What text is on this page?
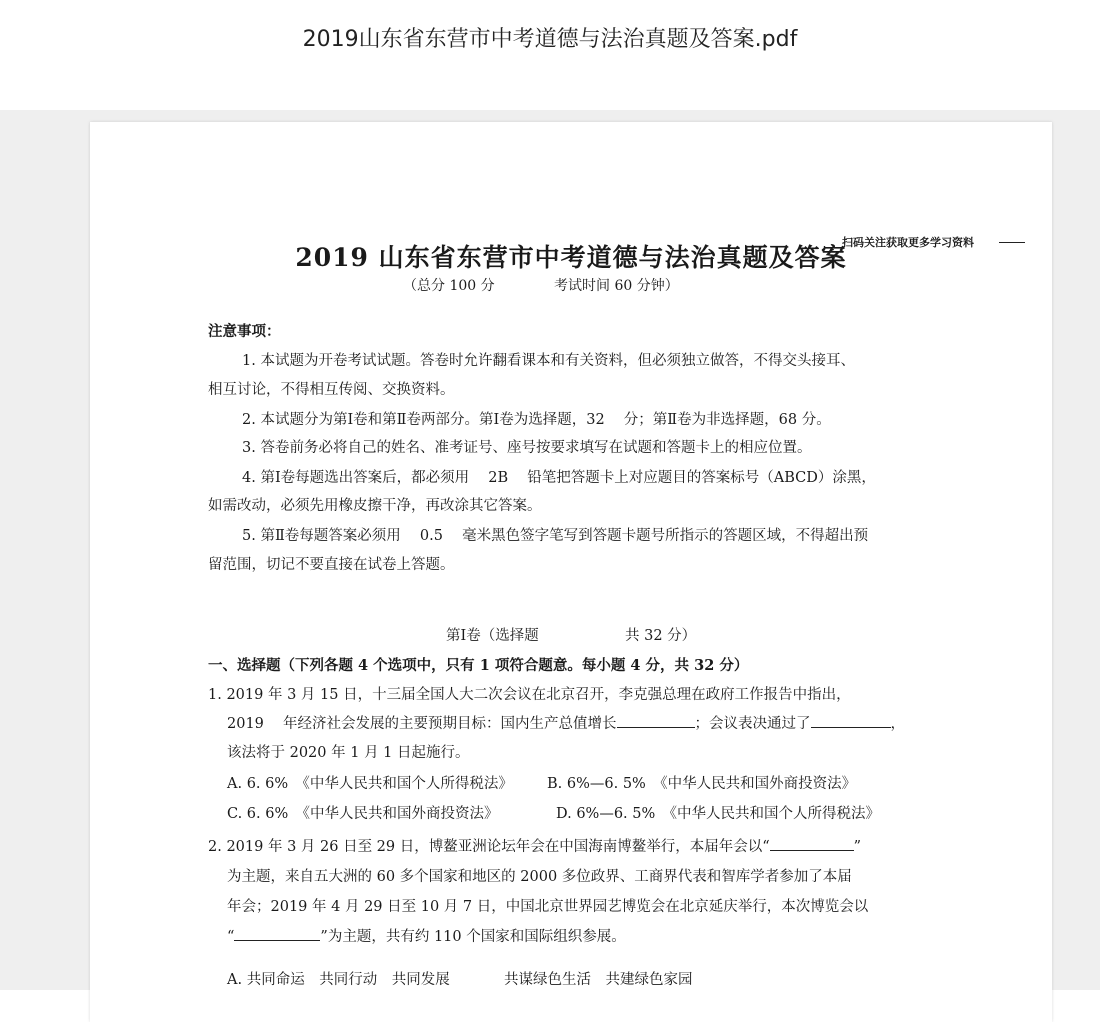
2019山东省东营市中考道德与法治真题及答案.pdf
2019 山东省东营市中考道德与法治真题及答案
扫码关注获取更多学习资料
（总分 100 分	考试时间 60 分钟）
注意事项：
1. 本试题为开卷考试试题。答卷时允许翻看课本和有关资料，但必须独立做答，不得交头接耳、
相互讨论，不得相互传阅、交换资料。
2. 本试题分为第Ⅰ卷和第Ⅱ卷两部分。第Ⅰ卷为选择题，32　 分；第Ⅱ卷为非选择题，68 分。
3. 答卷前务必将自己的姓名、准考证号、座号按要求填写在试题和答题卡上的相应位置。
4. 第Ⅰ卷每题选出答案后，都必须用　 2B　 铅笔把答题卡上对应题目的答案标号（ABCD）涂黑，
如需改动，必须先用橡皮擦干净，再改涂其它答案。
5. 第Ⅱ卷每题答案必须用　 0.5　 毫米黑色签字笔写到答题卡题号所指示的答题区域，不得超出预
留范围，切记不要直接在试卷上答题。
第Ⅰ卷（选择题	共 32 分）
一、选择题（下列各题 4 个选项中，只有 1 项符合题意。每小题 4 分，共 32 分）
1. 2019 年 3 月 15 日，十三届全国人大二次会议在北京召开，李克强总理在政府工作报告中指出，
2019　 年经济社会发展的主要预期目标：国内生产总值增长	；会议表决通过了	，
该法将于 2020 年 1 月 1 日起施行。
A. 6. 6%　《中华人民共和国个人所得税法》 B. 6%—6. 5%　《中华人民共和国外商投资法》
C. 6. 6%　《中华人民共和国外商投资法》	D. 6%—6. 5%　《中华人民共和国个人所得税法》
2. 2019 年 3 月 26 日至 29 日，博鳌亚洲论坛年会在中国海南博鳌举行，本届年会以“	”
为主题，来自五大洲的 60 多个国家和地区的 2000 多位政界、工商界代表和智库学者参加了本届
年会；2019 年 4 月 29 日至 10 月 7 日，中国北京世界园艺博览会在北京延庆举行，本次博览会以
“	”为主题，共有约 110 个国家和国际组织参展。
A. 共同命运　共同行动　共同发展	共谋绿色生活　共建绿色家园
